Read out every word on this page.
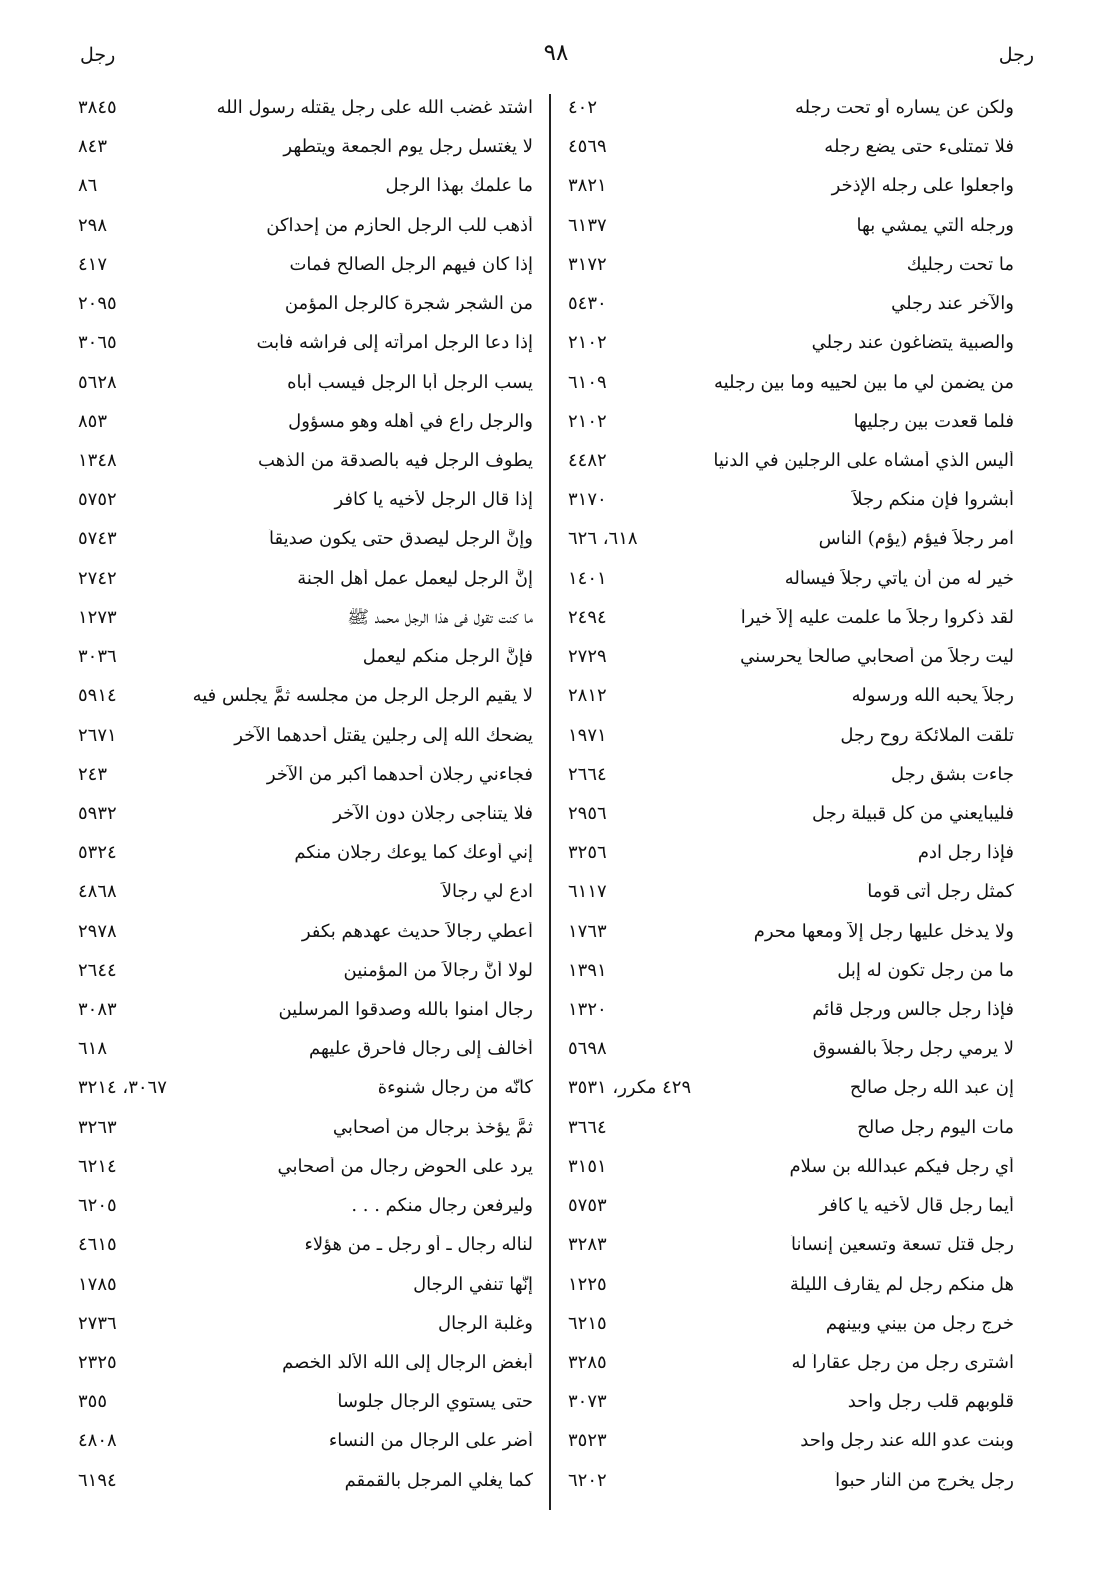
رجل
٩٨
رجل
ولكن عن يساره أو تحت رجله
٤٠٢
فلا تمتلىء حتى يضع رجله
٤٥٦٩
واجعلوا على رجله الإذخر
٣٨٢١
ورجله التي يمشي بها
٦١٣٧
ما تحت رجليك
٣١٧٢
والآخر عند رجلي
٥٤٣٠
والصبية يتضاغون عند رجلي
٢١٠٢
من يضمن لي ما بين لحييه وما بين رجليه
٦١٠٩
فلما قعدت بين رجليها
٢١٠٢
أليس الذي أمشاه على الرجلين في الدنيا
٤٤٨٢
أبشروا فإن منكم رجلاً
٣١٧٠
آمر رجلاً فيؤم (يؤم) الناس
٦١٨، ٦٢٦
خير له من أن يأتي رجلاً فيسأله
١٤٠١
لقد ذكروا رجلاً ما علمت عليه إلاَّ خيراً
٢٤٩٤
ليت رجلاً من أصحابي صالحاً يحرسني
٢٧٢٩
رجلاً يحبه الله ورسوله
٢٨١٢
تلقت الملائكة روح رجل
١٩٧١
جاءت بشق رجل
٢٦٦٤
فليبايعني من كل قبيلة رجل
٢٩٥٦
فإذا رجل آدم
٣٢٥٦
كمثل رجل أتى قوماً
٦١١٧
ولا يدخل عليها رجل إلاَّ ومعها محرم
١٧٦٣
ما من رجل تكون له إبل
١٣٩١
فإذا رجل جالس ورجل قائم
١٣٢٠
لا يرمي رجل رجلاً بالفسوق
٥٦٩٨
إن عبد الله رجل صالح
٤٢٩ مكرر، ٣٥٣١
مات اليوم رجل صالح
٣٦٦٤
أي رجل فيكم عبدالله بن سلام
٣١٥١
أيما رجل قال لأخيه يا كافر
٥٧٥٣
رجل قتل تسعة وتسعين إنساناً
٣٢٨٣
هل منكم رجل لم يقارف الليلة
١٢٢٥
خرج رجل من بيني وبينهم
٦٢١٥
اشترى رجل من رجل عقاراً له
٣٢٨٥
قلوبهم قلب رجل واحد
٣٠٧٣
وبنت عدو الله عند رجل واحد
٣٥٢٣
رجل يخرج من النار حبواً
٦٢٠٢
اشتد غضب الله على رجل يقتله رسول الله
٣٨٤٥
لا يغتسل رجل يوم الجمعة ويتطهر
٨٤٣
ما علمك بهذا الرجل
٨٦
أذهب للب الرجل الحازم من إحداكن
٢٩٨
إذا كان فيهم الرجل الصالح فمات
٤١٧
من الشجر شجرة كالرجل المؤمن
٢٠٩٥
إذا دعا الرجل امرأته إلى فراشه فأبت
٣٠٦٥
يسب الرجل أبا الرجل فيسب أباه
٥٦٢٨
والرجل راع في أهله وهو مسؤول
٨٥٣
يطوف الرجل فيه بالصدقة من الذهب
١٣٤٨
إذا قال الرجل لأخيه يا كافر
٥٧٥٢
وإنَّ الرجل ليصدق حتى يكون صديقاً
٥٧٤٣
إنَّ الرجل ليعمل عمل أهل الجنة
٢٧٤٢
ما كنت تقول في هذا الرجل محمد ﷺ
١٢٧٣
فإنَّ الرجل منكم ليعمل
٣٠٣٦
لا يقيم الرجل الرجل من مجلسه ثمَّ يجلس فيه
٥٩١٤
يضحك الله إلى رجلين يقتل أحدهما الآخر
٢٦٧١
فجاءني رجلان أحدهما أكبر من الآخر
٢٤٣
فلا يتناجى رجلان دون الآخر
٥٩٣٢
إني أوعك كما يوعك رجلان منكم
٥٣٢٤
ادع لي رجالاً
٤٨٦٨
أعطي رجالاً حديث عهدهم بكفر
٢٩٧٨
لولا أنَّ رجالاً من المؤمنين
٢٦٤٤
رجال آمنوا بالله وصدقوا المرسلين
٣٠٨٣
أخالف إلى رجال فأحرق عليهم
٦١٨
كأنّه من رجال شنوءة
٣٠٦٧، ٣٢١٤
ثمَّ يؤخذ برجال من أصحابي
٣٢٦٣
يرد على الحوض رجال من أصحابي
٦٢١٤
وليرفعن رجال منكم . . .
٦٢٠٥
لناله رجال ـ أو رجل ـ من هؤلاء
٤٦١٥
إنَّها تنفي الرجال
١٧٨٥
وغلبة الرجال
٢٧٣٦
أبغض الرجال إلى الله الألد الخصم
٢٣٢٥
حتى يستوي الرجال جلوساً
٣٥٥
أضر على الرجال من النساء
٤٨٠٨
كما يغلي المرجل بالقمقم
٦١٩٤
